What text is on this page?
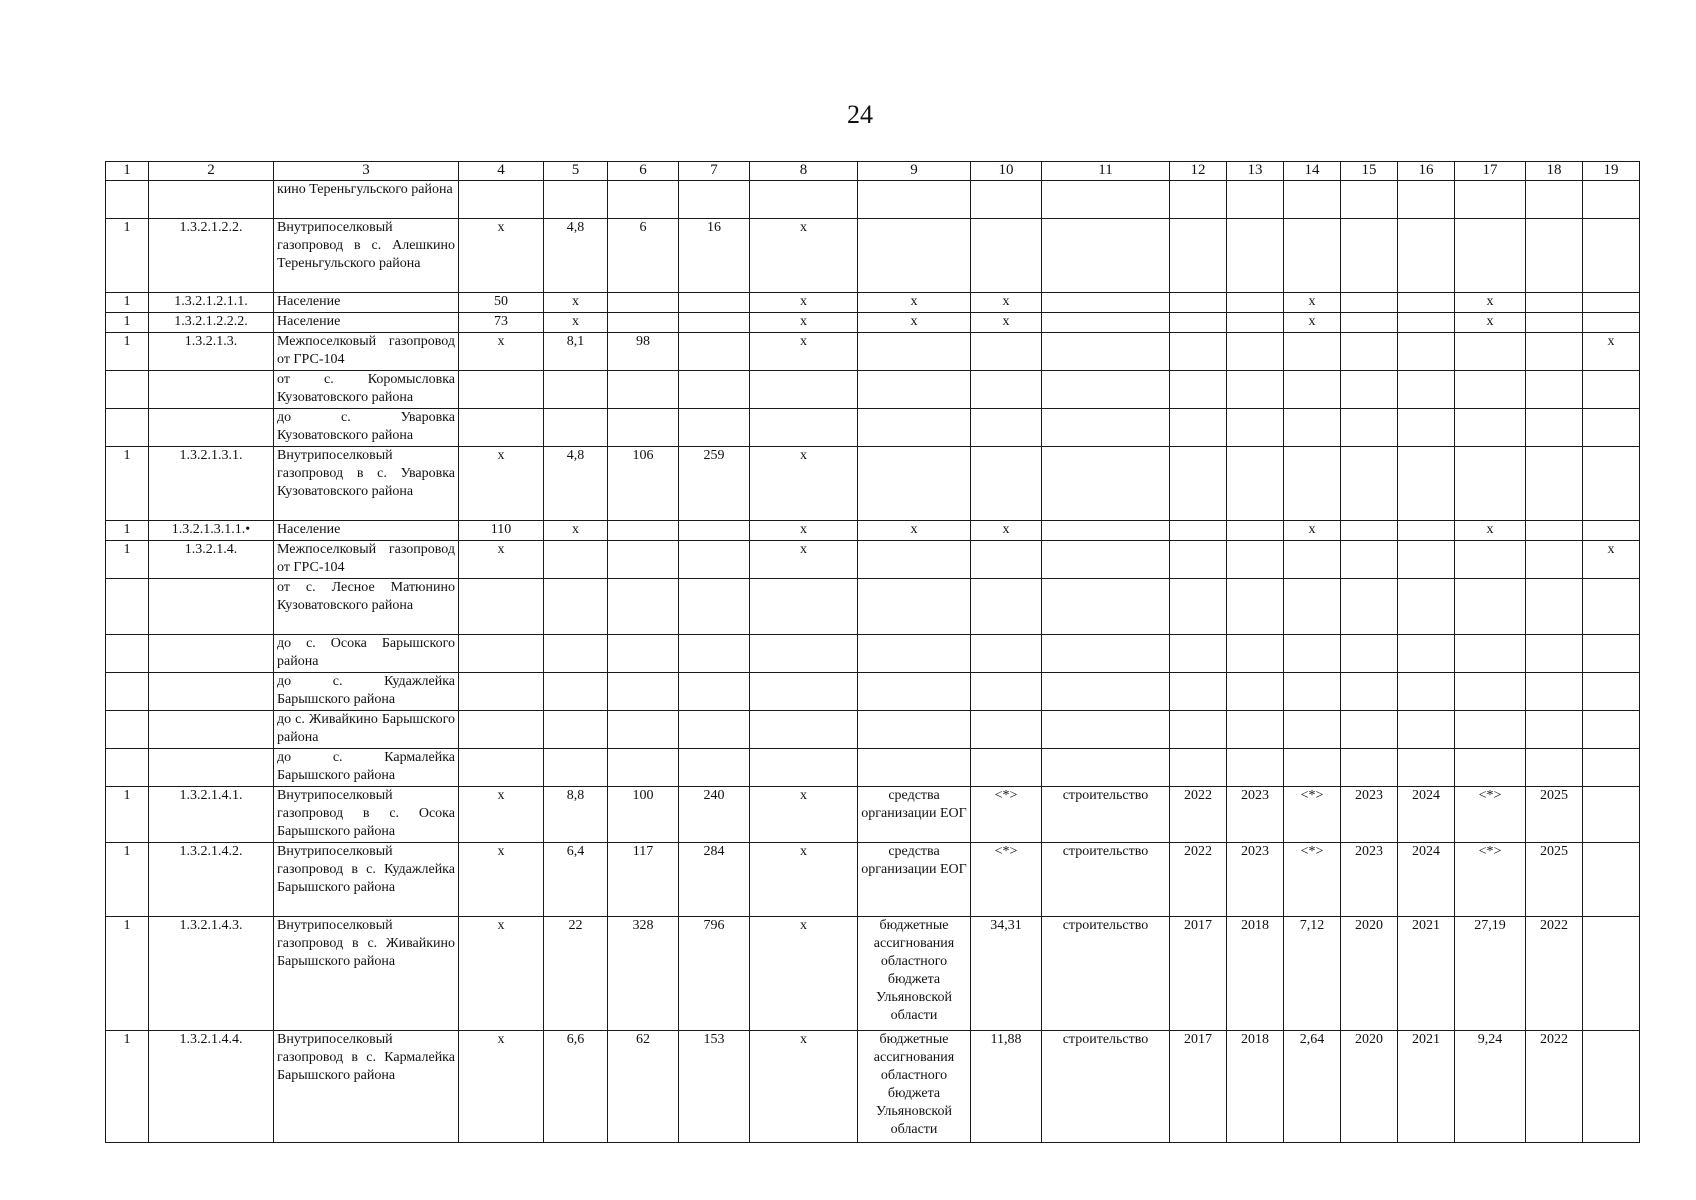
24
1	2	3	4	5	6	7	8	9	10	11	12	13	14	15	16	17	18	19
		кино Тереньгульского района																
1	1.3.2.1.2.2.	Внутрипоселковый газопровод в с. Алешкино Тереньгульского района	x	4,8	6	16	x											
1	1.3.2.1.2.1.1.	Население	50	x			x	x	x				x			x		
1	1.3.2.1.2.2.2.	Население	73	x			x	x	x				x			x		
1	1.3.2.1.3.	Межпоселковый газопровод от ГРС-104	x	8,1	98		x											x
		от с. Коромысловка Кузоватовского района																
		до с. Уваровка Кузоватовского района																
1	1.3.2.1.3.1.	Внутрипоселковый газопровод в с. Уваровка Кузоватовского района	x	4,8	106	259	x											
1	1.3.2.1.3.1.1.•	Население	110	x			x	x	x				x			x		
1	1.3.2.1.4.	Межпоселковый газопровод от ГРС-104	x				x											x
		от с. Лесное Матюнино Кузоватовского района																
		до с. Осока Барышского района																
		до с. Кудажлейка Барышского района																
		до с. Живайкино Барышского района																
		до с. Кармалейка Барышского района																
1	1.3.2.1.4.1.	Внутрипоселковый газопровод в с. Осока Барышского района	x	8,8	100	240	x	средства организации ЕОГ	<*>	строительство	2022	2023	<*>	2023	2024	<*>	2025	
1	1.3.2.1.4.2.	Внутрипоселковый газопровод в с. Кудажлейка Барышского района	x	6,4	117	284	x	средства организации ЕОГ	<*>	строительство	2022	2023	<*>	2023	2024	<*>	2025	
1	1.3.2.1.4.3.	Внутрипоселковый газопровод в с. Живайкино Барышского района	x	22	328	796	x	бюджетные ассигнования областного бюджета Ульяновской области	34,31	строительство	2017	2018	7,12	2020	2021	27,19	2022	
1	1.3.2.1.4.4.	Внутрипоселковый газопровод в с. Кармалейка Барышского района	x	6,6	62	153	x	бюджетные ассигнования областного бюджета Ульяновской области	11,88	строительство	2017	2018	2,64	2020	2021	9,24	2022	
